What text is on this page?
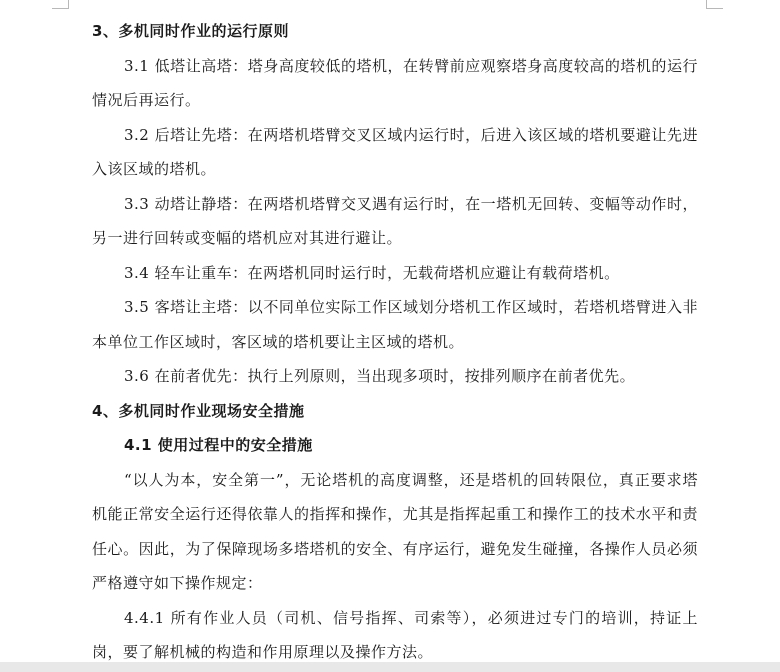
3、多机同时作业的运行原则

3.1 低塔让高塔：塔身高度较低的塔机，在转臂前应观察塔身高度较高的塔机的运行情况后再运行。

3.2 后塔让先塔：在两塔机塔臂交叉区域内运行时，后进入该区域的塔机要避让先进入该区域的塔机。

3.3 动塔让静塔：在两塔机塔臂交叉遇有运行时，在一塔机无回转、变幅等动作时，另一进行回转或变幅的塔机应对其进行避让。

3.4 轻车让重车：在两塔机同时运行时，无载荷塔机应避让有载荷塔机。

3.5 客塔让主塔：以不同单位实际工作区域划分塔机工作区域时，若塔机塔臂进入非本单位工作区域时，客区域的塔机要让主区域的塔机。

3.6 在前者优先：执行上列原则，当出现多项时，按排列顺序在前者优先。

4、多机同时作业现场安全措施

4.1 使用过程中的安全措施

“以人为本，安全第一”，无论塔机的高度调整，还是塔机的回转限位，真正要求塔机能正常安全运行还得依靠人的指挥和操作，尤其是指挥起重工和操作工的技术水平和责任心。因此，为了保障现场多塔塔机的安全、有序运行，避免发生碰撞，各操作人员必须严格遵守如下操作规定：

4.4.1 所有作业人员（司机、信号指挥、司索等），必须进过专门的培训，持证上岗，要了解机械的构造和作用原理以及操作方法。
